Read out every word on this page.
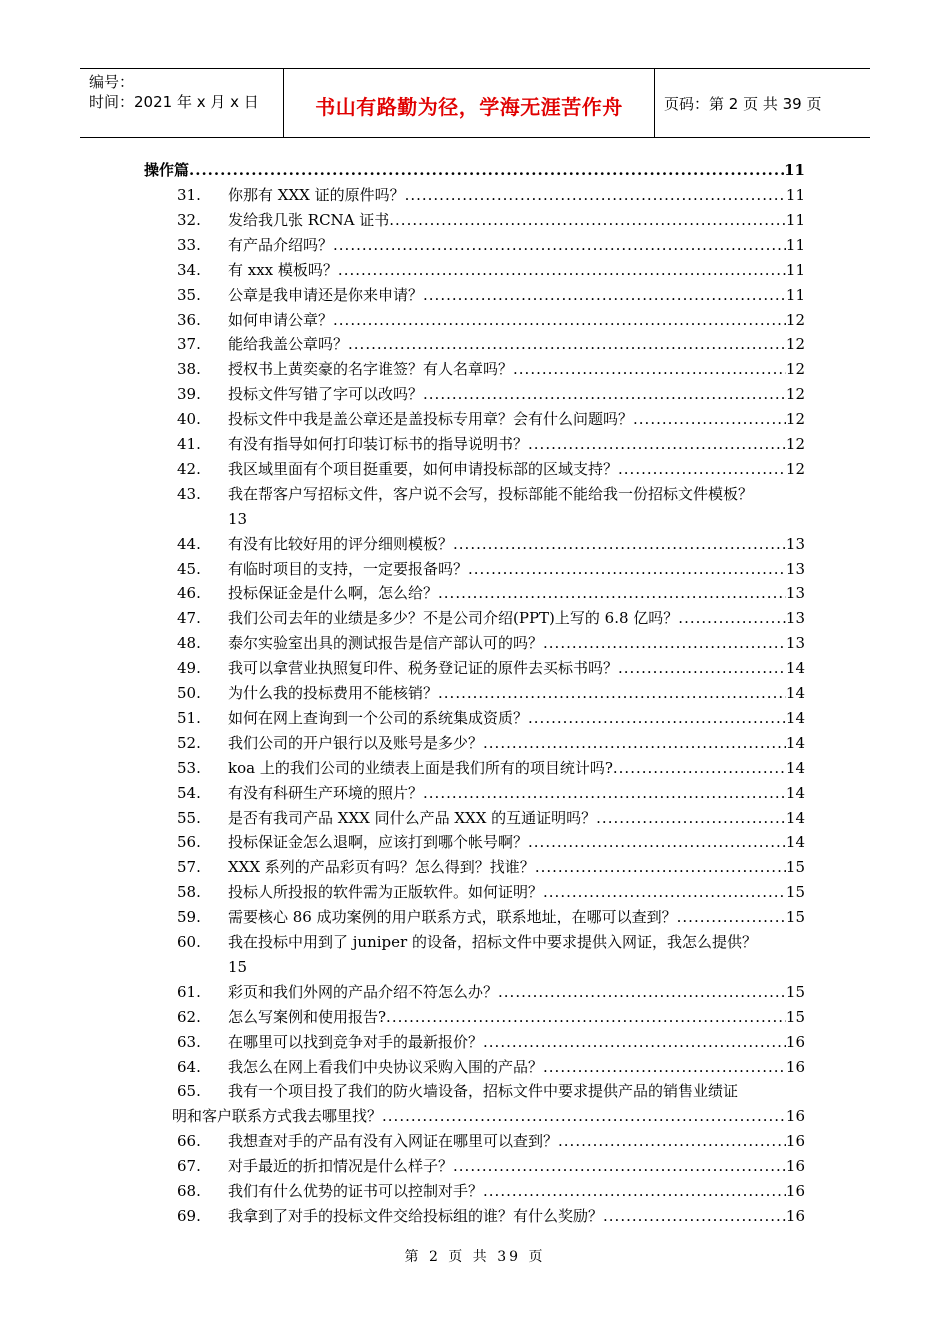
编号：
时间：2021 年 x 月 x 日	书山有路勤为径，学海无涯苦作舟	页码：第 2 页 共 39 页
操作篇 .....	11
31. 你那有 XXX 证的原件吗？ .....	11
32. 发给我几张 RCNA 证书 .....	11
33. 有产品介绍吗？ .....	11
34. 有 xxx 模板吗？ .....	11
35. 公章是我申请还是你来申请？ .....	11
36. 如何申请公章？ .....	12
37. 能给我盖公章吗？ .....	12
38. 授权书上黄奕豪的名字谁签？有人名章吗？ .....	12
39. 投标文件写错了字可以改吗？ .....	12
40. 投标文件中我是盖公章还是盖投标专用章？会有什么问题吗？ .....	12
41. 有没有指导如何打印装订标书的指导说明书？ .....	12
42. 我区域里面有个项目挺重要，如何申请投标部的区域支持？ .....	12
43. 我在帮客户写招标文件，客户说不会写，投标部能不能给我一份招标文件模板？
13
44. 有没有比较好用的评分细则模板？ .....	13
45. 有临时项目的支持，一定要报备吗？ .....	13
46. 投标保证金是什么啊，怎么给？ .....	13
47. 我们公司去年的业绩是多少？不是公司介绍(PPT)上写的 6.8 亿吗？ .....	13
48. 泰尔实验室出具的测试报告是信产部认可的吗？ .....	13
49. 我可以拿营业执照复印件、税务登记证的原件去买标书吗？ .....	14
50. 为什么我的投标费用不能核销？ .....	14
51. 如何在网上查询到一个公司的系统集成资质？ .....	14
52. 我们公司的开户银行以及账号是多少？ .....	14
53. koa 上的我们公司的业绩表上面是我们所有的项目统计吗? .....	14
54. 有没有科研生产环境的照片？ .....	14
55. 是否有我司产品 XXX 同什么产品 XXX 的互通证明吗？ .....	14
56. 投标保证金怎么退啊，应该打到哪个帐号啊？ .....	14
57. XXX 系列的产品彩页有吗？怎么得到？找谁？ .....	15
58. 投标人所投报的软件需为正版软件。如何证明？ .....	15
59. 需要核心 86 成功案例的用户联系方式，联系地址，在哪可以查到？ .....	15
60. 我在投标中用到了 juniper 的设备，招标文件中要求提供入网证，我怎么提供？
15
61. 彩页和我们外网的产品介绍不符怎么办？ .....	15
62. 怎么写案例和使用报告? .....	15
63. 在哪里可以找到竞争对手的最新报价？ .....	16
64. 我怎么在网上看我们中央协议采购入围的产品？ .....	16
65. 我有一个项目投了我们的防火墙设备，招标文件中要求提供产品的销售业绩证
明和客户联系方式我去哪里找？ .....	16
66. 我想查对手的产品有没有入网证在哪里可以查到？ .....	16
67. 对手最近的折扣情况是什么样子？ .....	16
68. 我们有什么优势的证书可以控制对手？ .....	16
69. 我拿到了对手的投标文件交给投标组的谁？有什么奖励？ .....	16
第 2 页 共 39 页
